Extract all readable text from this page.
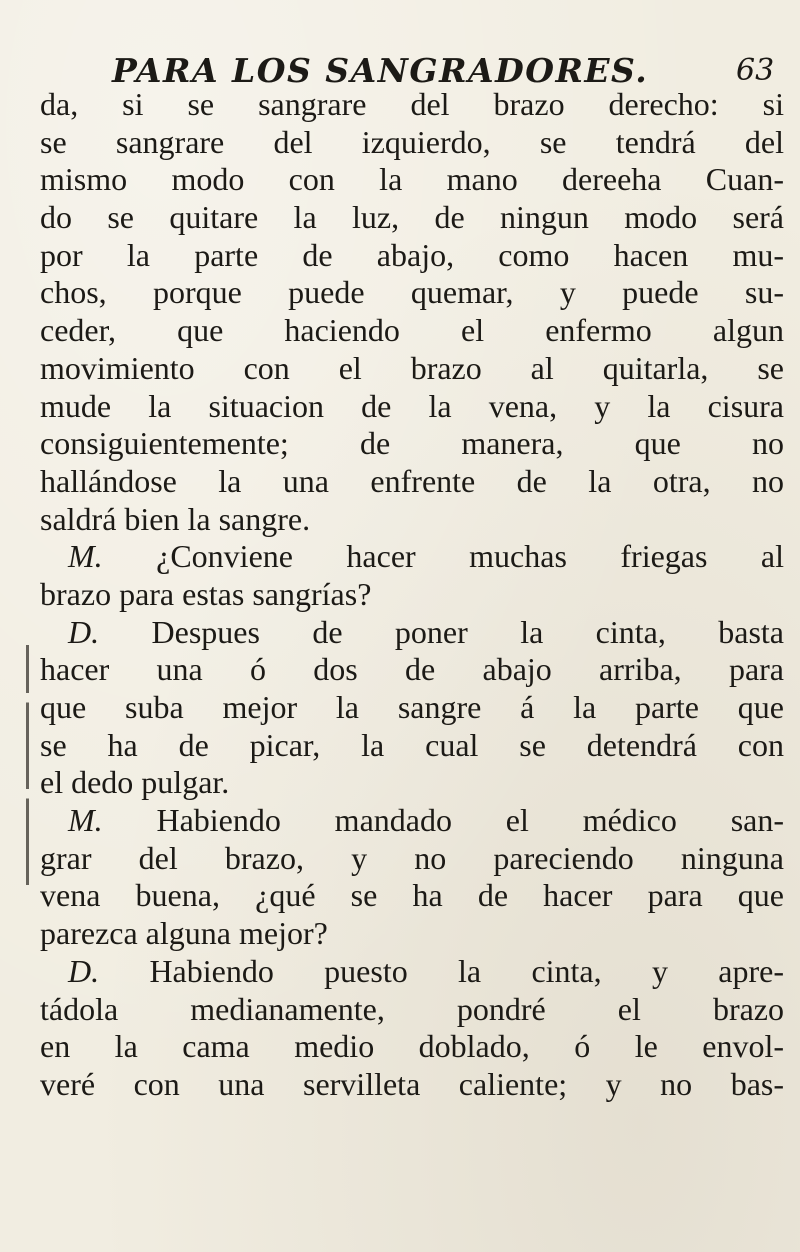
PARA LOS SANGRADORES.	63
da, si se sangrare del brazo derecho: si
se sangrare del izquierdo, se tendrá del
mismo modo con la mano dereeha Cuan-
do se quitare la luz, de ningun modo será
por la parte de abajo, como hacen mu-
chos, porque puede quemar, y puede su-
ceder, que haciendo el enfermo algun
movimiento con el brazo al quitarla, se
mude la situacion de la vena, y la cisura
consiguientemente; de manera, que no
hallándose la una enfrente de la otra, no
saldrá bien la sangre.
M. ¿Conviene hacer muchas friegas al
brazo para estas sangrías?
D. Despues de poner la cinta, basta
hacer una ó dos de abajo arriba, para
que suba mejor la sangre á la parte que
se ha de picar, la cual se detendrá con
el dedo pulgar.
M. Habiendo mandado el médico san-
grar del brazo, y no pareciendo ninguna
vena buena, ¿qué se ha de hacer para que
parezca alguna mejor?
D. Habiendo puesto la cinta, y apre-
tádola medianamente, pondré el brazo
en la cama medio doblado, ó le envol-
veré con una servilleta caliente; y no bas-
